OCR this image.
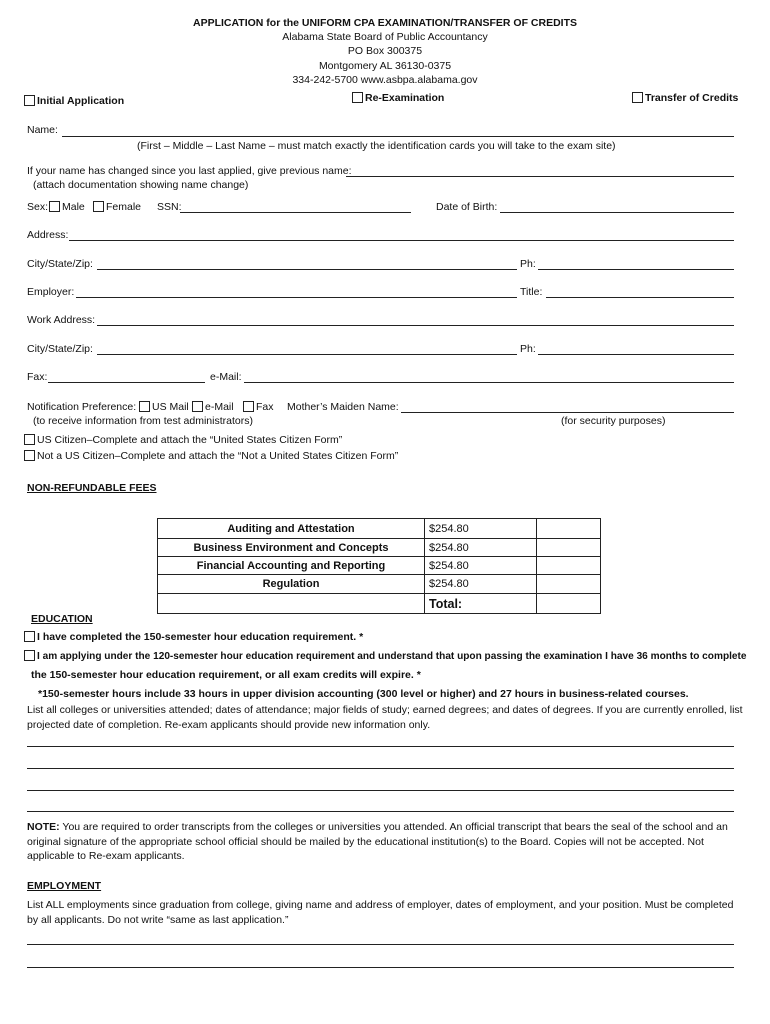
APPLICATION for the UNIFORM CPA EXAMINATION/TRANSFER OF CREDITS
Alabama State Board of Public Accountancy
PO Box 300375
Montgomery AL 36130-0375
334-242-5700 www.asbpa.alabama.gov
Initial Application	Re-Examination	Transfer of Credits
Name:
(First – Middle – Last Name – must match exactly the identification cards you will take to the exam site)
If your name has changed since you last applied, give previous name:
(attach documentation showing name change)
Sex:	Male	Female SSN:	Date of Birth:
Address:
City/State/Zip:	Ph:
Employer:	Title:
Work Address:
City/State/Zip:	Ph:
Fax:	e-Mail:
Notification Preference:	US Mail	e-Mail	Fax Mother’s Maiden Name:
(to receive information from test administrators)	(for security purposes)
US Citizen–Complete and attach the “United States Citizen Form”
Not a US Citizen–Complete and attach the “Not a United States Citizen Form”
NON-REFUNDABLE FEES
Auditing and Attestation	$254.80	
Business Environment and Concepts	$254.80	
Financial Accounting and Reporting	$254.80	
Regulation	$254.80	
	Total:	
EDUCATION
I have completed the 150-semester hour education requirement. *
I am applying under the 120-semester hour education requirement and understand that upon passing the examination I have 36 months to complete
the 150-semester hour education requirement, or all exam credits will expire. *
*150-semester hours include 33 hours in upper division accounting (300 level or higher) and 27 hours in business-related courses.
List all colleges or universities attended; dates of attendance; major fields of study; earned degrees; and dates of degrees. If you are currently enrolled, list projected date of completion. Re-exam applicants should provide new information only.
NOTE: You are required to order transcripts from the colleges or universities you attended. An official transcript that bears the seal of the school and an original signature of the appropriate school official should be mailed by the educational institution(s) to the Board. Copies will not be accepted. Not applicable to Re-exam applicants.
EMPLOYMENT
List ALL employments since graduation from college, giving name and address of employer, dates of employment, and your position. Must be completed by all applicants. Do not write “same as last application.”
